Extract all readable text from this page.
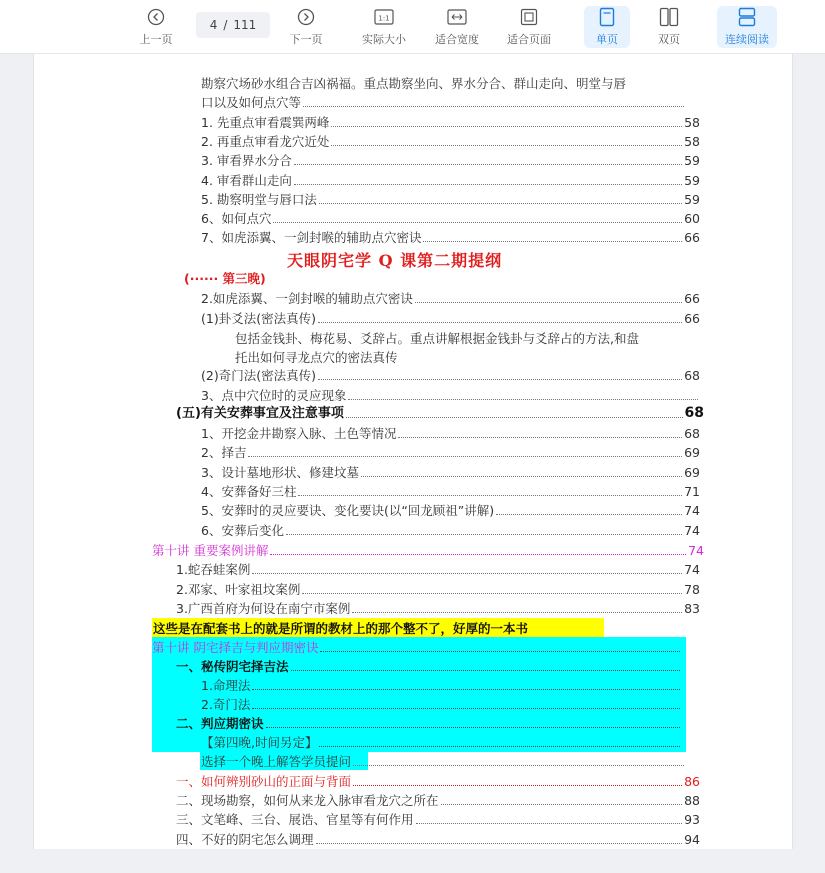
上一页
4 / 111
下一页
1:1
实际大小	适合宽度	适合页面	单页	双页	连续阅读
勘察穴场砂水组合吉凶祸福。重点勘察坐向、界水分合、群山走向、明堂与唇
口以及如何点穴等
1. 先重点审看震巽两峰	58
2. 再重点审看龙穴近处	58
3. 审看界水分合	59
4. 审看群山走向	59
5. 勘察明堂与唇口法	59
6、如何点穴	60
7、如虎添翼、一剑封喉的辅助点穴密诀	66
天眼阴宅学 Q 课第二期提纲
(······ 第三晚)
2.如虎添翼、一剑封喉的辅助点穴密诀	66
(1)卦爻法(密法真传)	66
包括金钱卦、梅花易、爻辞占。重点讲解根据金钱卦与爻辞占的方法,和盘
托出如何寻龙点穴的密法真传
(2)奇门法(密法真传)	68
3、点中穴位时的灵应现象
(五)有关安葬事宜及注意事项	68
1、开挖金井勘察入脉、土色等情况	68
2、择吉	69
3、设计墓地形状、修建坟墓	69
4、安葬备好三柱	71
5、安葬时的灵应要诀、变化要诀(以“回龙顾祖”讲解)	74
6、安葬后变化	74
第十讲 重要案例讲解	74
1.蛇吞蛙案例	74
2.邓家、叶家祖坟案例	78
3.广西首府为何设在南宁市案例	83
这些是在配套书上的就是所谓的教材上的那个整不了，好厚的一本书
第十讲 阴宅择吉与判应期密诀
一、秘传阴宅择吉法
1.命理法
2.奇门法
二、判应期密诀
【第四晚,时间另定】
选择一个晚上解答学员提问
一、如何辨别砂山的正面与背面	86
二、现场勘察，如何从来龙入脉审看龙穴之所在	88
三、文笔峰、三台、展诰、官星等有何作用	93
四、不好的阴宅怎么调理	94
